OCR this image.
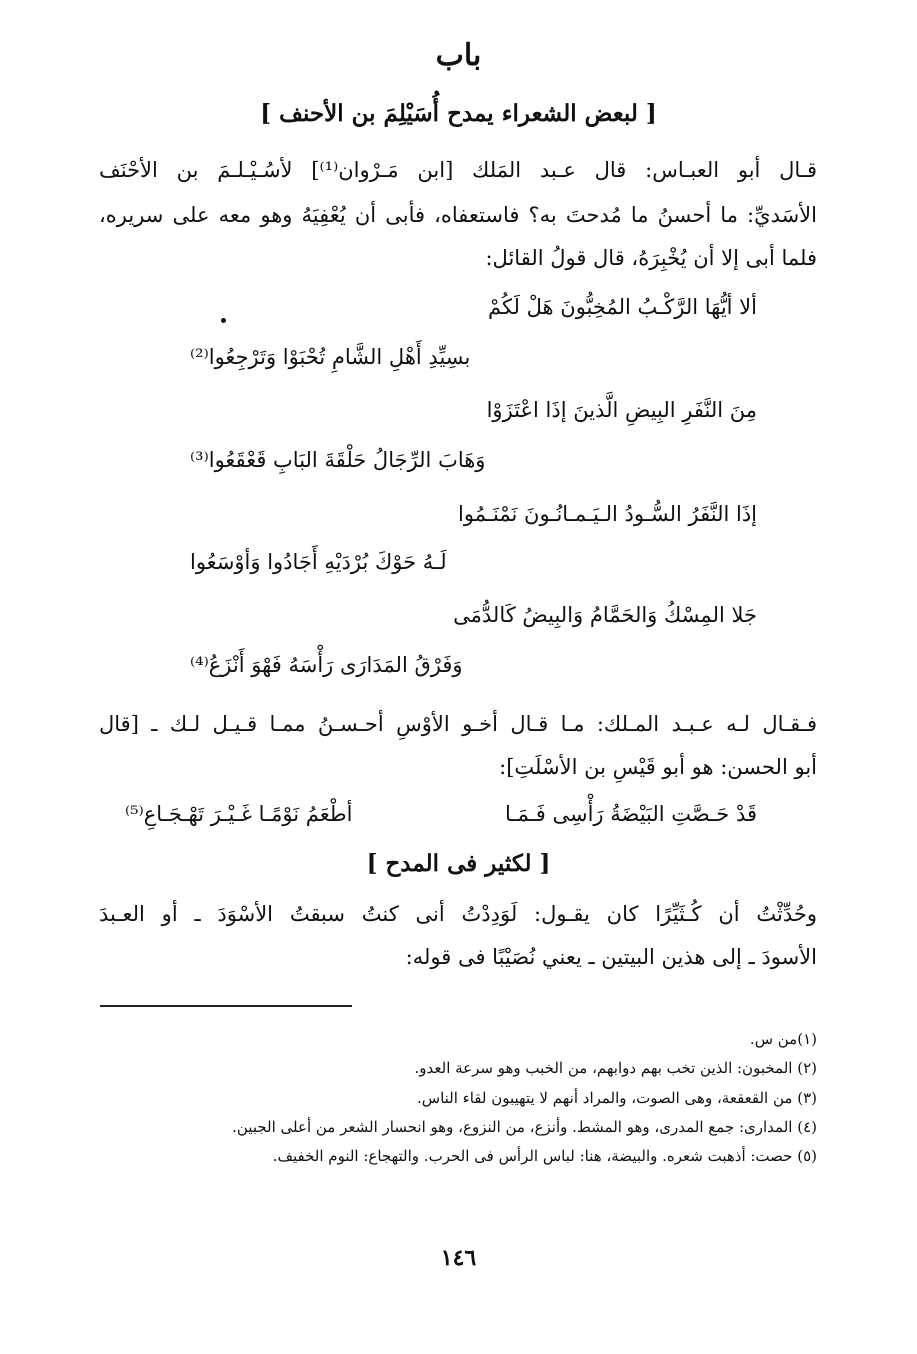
باب
[ لبعض الشعراء يمدح أُسَيْلِمَ بن الأحنف ]
قـال أبو العبـاس: قال عـبد المَلك [ابن مَـرْوان⁽¹⁾] لأسُـيْـلـمَ بن الأحْنَف
الأسَديِّ: ما أحسنُ ما مُدحتَ به؟ فاستعفاه، فأبى أن يُعْفِيَهُ وهو معه على سريره،
فلما أبى إلا أن يُخْبِرَهُ، قال قولُ القائل:
ألا أيُّهَا الرَّكْـبُ المُخِبُّونَ هَلْ لَكُمْ
بسِيِّدِ أَهْلِ الشَّامِ تُحْبَوْا وَتَرْجِعُوا⁽²⁾
مِنَ النَّفَرِ البِيضِ الَّذينَ إذَا اعْتَزَوْا
وَهَابَ الرِّجَالُ حَلْقَةَ البَابِ قَعْقَعُوا⁽³⁾
إذَا النَّفَرُ السُّـودُ الـيَـمـانُـونَ نَمْنَـمُوا
لَـهُ حَوْكَ بُرْدَيْهِ أَجَادُوا وَأوْسَعُوا
جَلا المِسْكُ وَالحَمَّامُ وَالبِيضُ كَالدُّمَى
وَفَرْقُ المَدَارَى رَأْسَهُ فَهْوَ أَنْزَعُ⁽⁴⁾
فـقـال لـه عـبـد المـلك: مـا قـال أخـو الأوْسِ أحـسـنُ ممـا قـيـل لـك ـ [قال
أبو الحسن: هو أبو قَيْسِ بن الأسْلَتِ]:
قَدْ حَـصَّتِ البَيْضَةُ رَأْسِى فَـمَـا
أطْعَمُ نَوْمًـا غَـيْـرَ تَهْـجَـاعِ⁽⁵⁾
[ لكثير فى المدح ]
وحُدِّثْتُ أن كُـثَيِّرًا كان يقـول: لَوَدِدْتُ أنى كنتُ سبقتُ الأسْوَدَ ـ أو العـبدَ
الأسودَ ـ إلى هذين البيتين ـ يعني نُصَيْبًا فى قوله:
(١)من س.
(٢) المخبون: الذين تخب بهم دوابهم، من الخبب وهو سرعة العدو.
(٣) من القعقعة، وهى الصوت، والمراد أنهم لا يتهيبون لقاء الناس.
(٤) المدارى: جمع المدرى، وهو المشط. وأنزع، من النزوع، وهو انحسار الشعر من أعلى الجبين.
(٥) حصت: أذهبت شعره. والبيضة، هنا: لباس الرأس فى الحرب. والتهجاع: النوم الخفيف.
١٤٦
